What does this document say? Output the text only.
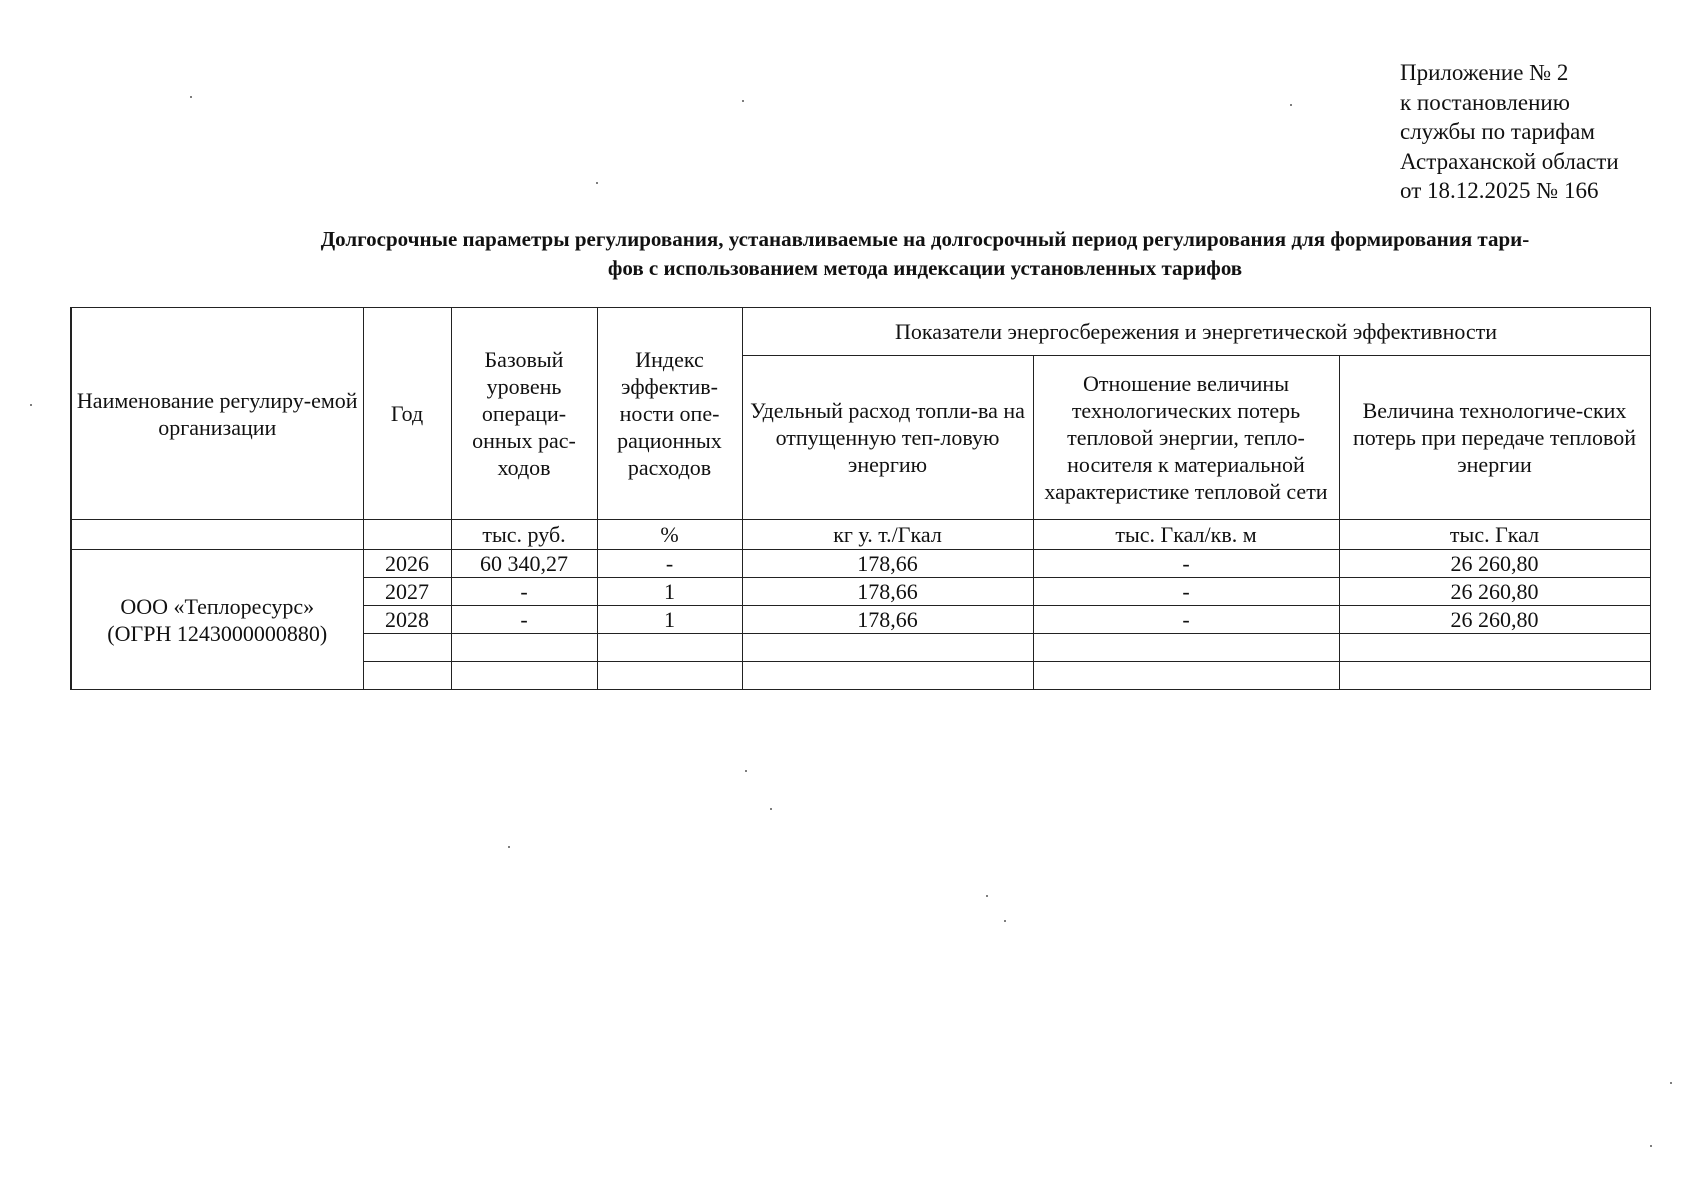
Приложение № 2
к постановлению
службы по тарифам
Астраханской области
от 18.12.2025 № 166
Долгосрочные параметры регулирования, устанавливаемые на долгосрочный период регулирования для формирования тари-
фов с использованием метода индексации установленных тарифов
Наименование регулиру-емой организации	Год	Базовый уровень операци-онных рас-ходов	Индекс эффектив-ности опе-рационных расходов	Показатели энергосбережения и энергетической эффективности		
				Удельный расход топли-ва на отпущенную теп-ловую энергию	Отношение величины технологических потерь тепловой энергии, тепло-носителя к материальной характеристике тепловой сети	Величина технологиче-ских потерь при передаче тепловой энергии
		тыс. руб.	%	кг у. т./Гкал	тыс. Гкал/кв. м	тыс. Гкал

ООО «Теплоресурс»
(ОГРН 1243000000880)	2026	60 340,27	-	178,66	-	26 260,80
	2027	-	1	178,66	-	26 260,80
	2028	-	1	178,66	-	26 260,80
